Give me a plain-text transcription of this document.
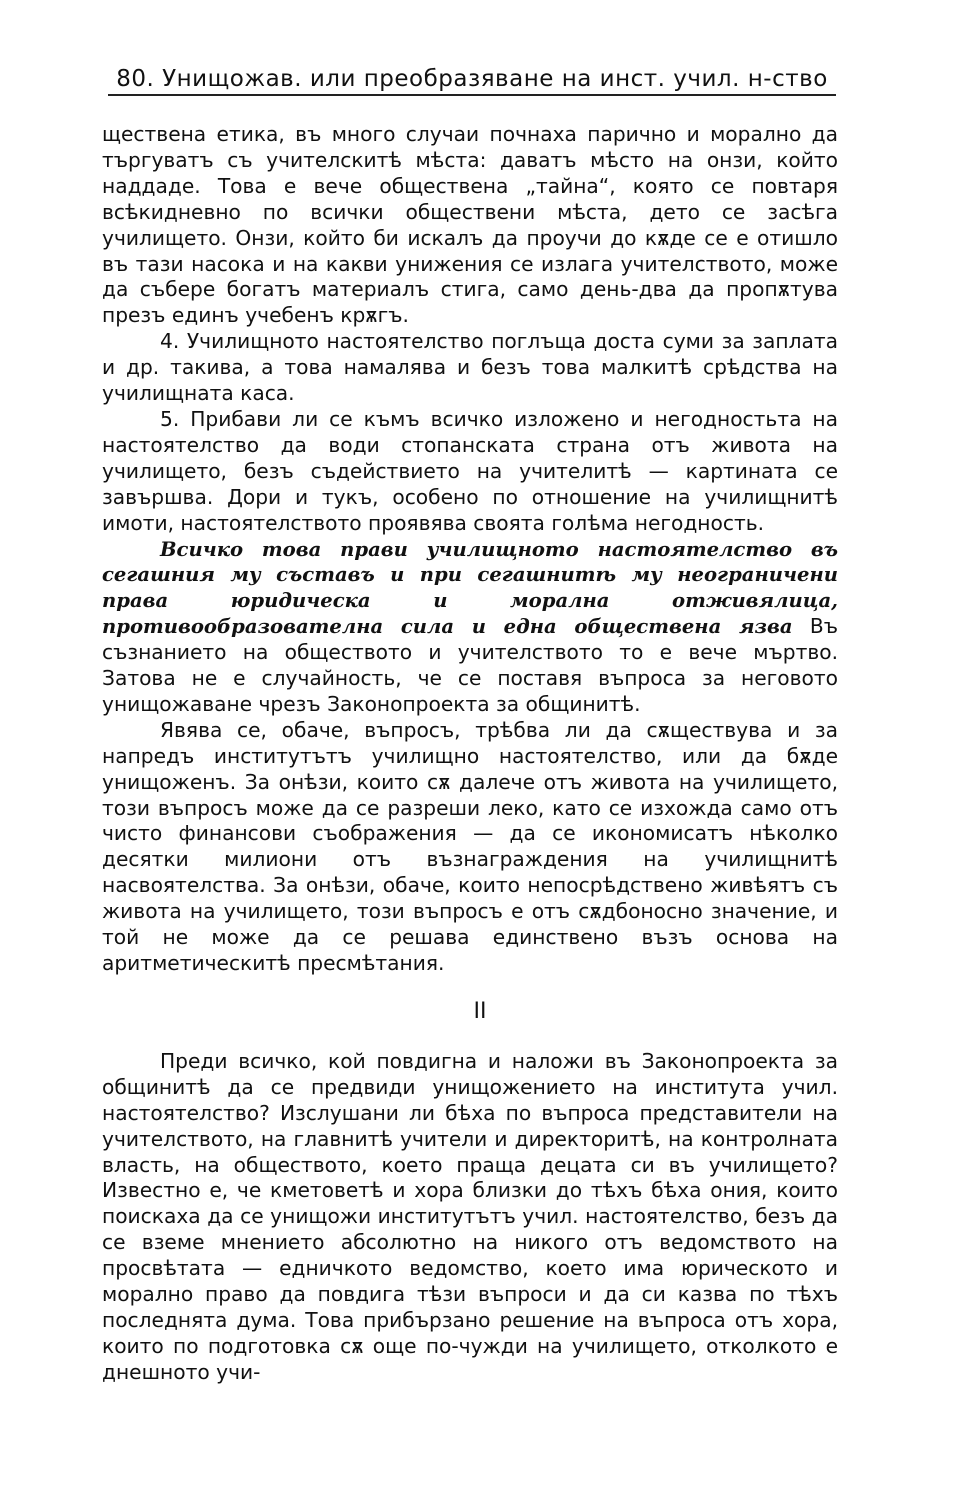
80. Унищожав. или преобразяване на инст. учил. н-ство

ществена етика, въ много случаи почнаха парично и морално да търгуватъ съ учителскитѣ мѣста: даватъ мѣсто на онзи, който наддаде. Това е вече обществена „тайна“, която се повтаря всѣкидневно по всички обществени мѣста, дето се засѣга училището. Онзи, който би искалъ да проучи до кѫде се е отишло въ тази насока и на какви унижения се излага учителството, може да събере богатъ материалъ стига, само день-два да пропѫтува презъ единъ учебенъ крѫгъ.

4. Училищното настоятелство поглъща доста суми за заплата и др. такива, а това намалява и безъ това малкитѣ срѣдства на училищната каса.

5. Прибави ли се къмъ всичко изложено и негодностьта на настоятелство да води стопанската страна отъ живота на училището, безъ съдействието на учителитѣ — картината се завършва. Дори и тукъ, особено по отношение на училищнитѣ имоти, настоятелството проявява своята голѣма негодность.

Всичко това прави училищното настоятелство въ сегашния му съставъ и при сегашнитѣ му неограничени права юридическа и морална отживялица, противообразователна сила и една обществена язва Въ съзнанието на обществото и учителството то е вече мъртво. Затова не е случайность, че се поставя въпроса за неговото унищожаване чрезъ Законопроекта за общинитѣ.

Явява се, обаче, въпросъ, трѣбва ли да сѫществува и за напредъ институтътъ училищно настоятелство, или да бѫде унищоженъ. За онѣзи, които сѫ далече отъ живота на училището, този въпросъ може да се разреши леко, като се изхожда само отъ чисто финансови съображения — да се икономисатъ нѣколко десятки милиони отъ възнаграждения на училищнитѣ насвоятелства. За онѣзи, обаче, които непосрѣдствено живѣятъ съ живота на училището, този въпросъ е отъ сѫдбоносно значение, и той не може да се решава единствено възъ основа на аритметическитѣ пресмѣтания.

II

Преди всичко, кой повдигна и наложи въ Законопроекта за общинитѣ да се предвиди унищожението на института учил. настоятелство? Изслушани ли бѣха по въпроса представители на учителството, на главнитѣ учители и директоритѣ, на контролната власть, на обществото, което праща децата си въ училището? Известно е, че кметоветѣ и хора близки до тѣхъ бѣха ония, които поискаха да се унищожи институтътъ учил. настоятелство, безъ да се вземе мнението абсолютно на никого отъ ведомството на просвѣтата — едничкото ведомство, което има юрическото и морално право да повдига тѣзи въпроси и да си казва по тѣхъ последнята дума. Това прибързано решение на въпроса отъ хора, които по подготовка сѫ още по-чужди на училището, отколкото е днешното учи-
